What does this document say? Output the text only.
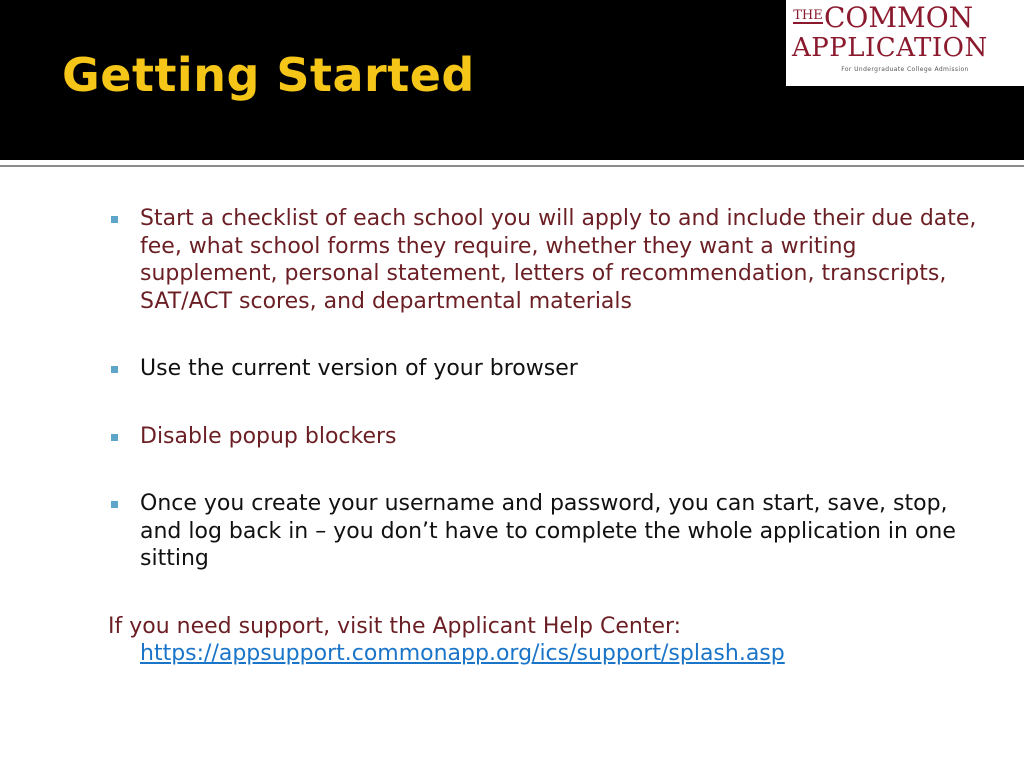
Getting Started
THE COMMON
APPLICATION
For Undergraduate College Admission
Start a checklist of each school you will apply to and include their due date, fee, what school forms they require, whether they want a writing supplement, personal statement, letters of recommendation, transcripts, SAT/ACT scores, and departmental materials
Use the current version of your browser
Disable popup blockers
Once you create your username and password, you can start, save, stop, and log back in – you don’t have to complete the whole application in one sitting

If you need support, visit the Applicant Help Center: https://appsupport.commonapp.org/ics/support/splash.asp
